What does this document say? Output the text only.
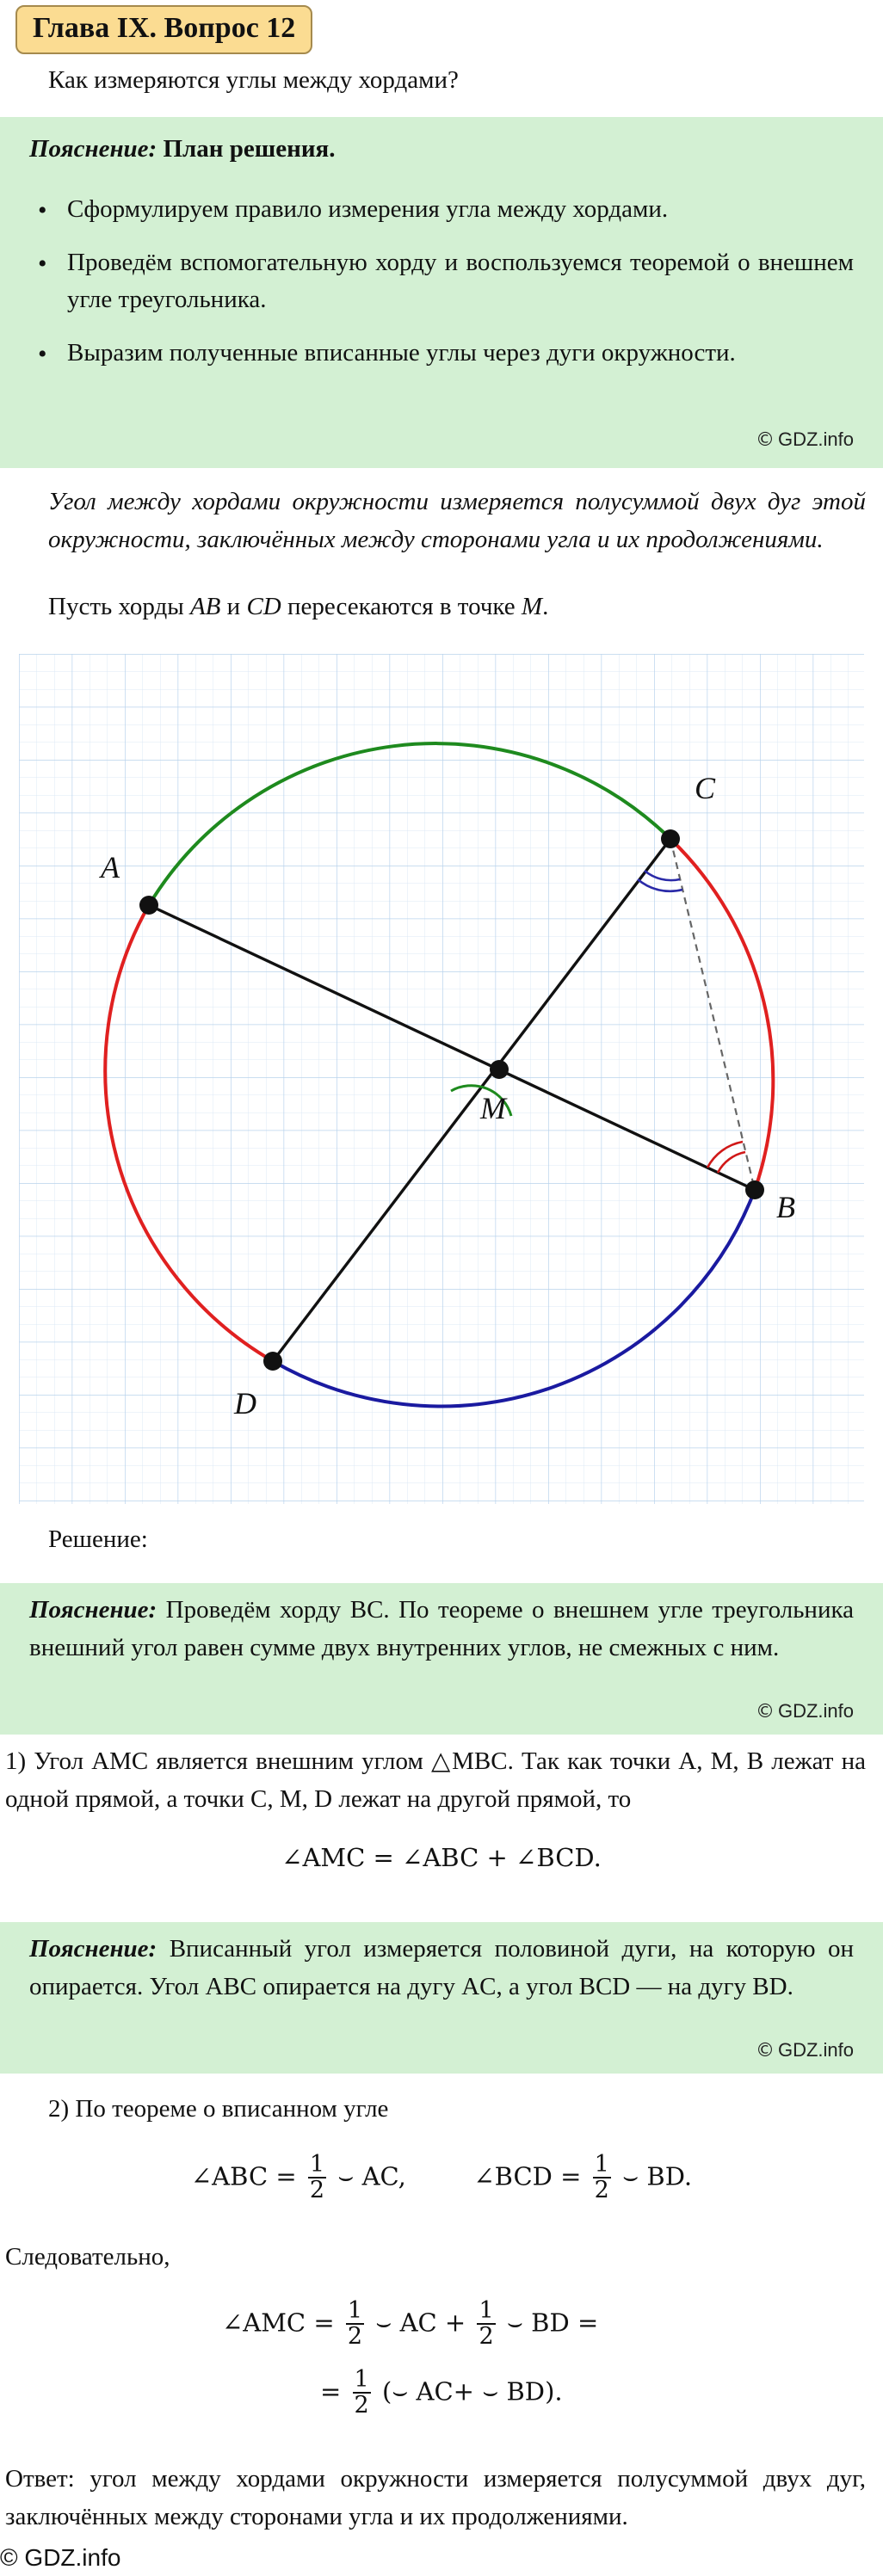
Глава IX. Вопрос 12
Как измеряются углы между хордами?
Пояснение: План решения.
• Сформулируем правило измерения угла между хордами.
• Проведём вспомогательную хорду и воспользуемся теоремой о внешнем угле треугольника.
• Выразим полученные вписанные углы через дуги окружности.
© GDZ.info
Угол между хордами окружности измеряется полусуммой двух дуг этой окружности, заключённых между сторонами угла и их продолжениями.
Пусть хорды AB и CD пересекаются в точке M.
A
C
B
D
M
Решение:
Пояснение: Проведём хорду BC. По теореме о внешнем угле треугольника внешний угол равен сумме двух внутренних углов, не смежных с ним.
© GDZ.info
1) Угол AMC является внешним углом △MBC. Так как точки A, M, B лежат на одной прямой, а точки C, M, D лежат на другой прямой, то
∠AMC = ∠ABC + ∠BCD.
Пояснение: Вписанный угол измеряется половиной дуги, на которую он опирается. Угол ABC опирается на дугу AC, а угол BCD — на дугу BD.
© GDZ.info
2) По теореме о вписанном угле
∠ABC = $\frac{1}{2}$ ⌣ AC,	∠BCD = $\frac{1}{2}$ ⌣ BD.
Следовательно,
∠AMC = $\frac{1}{2}$ ⌣ AC + $\frac{1}{2}$ ⌣ BD =
= $\frac{1}{2}$ (⌣ AC+ ⌣ BD).
Ответ: угол между хордами окружности измеряется полусуммой двух дуг, заключённых между сторонами угла и их продолжениями.
© GDZ.info
